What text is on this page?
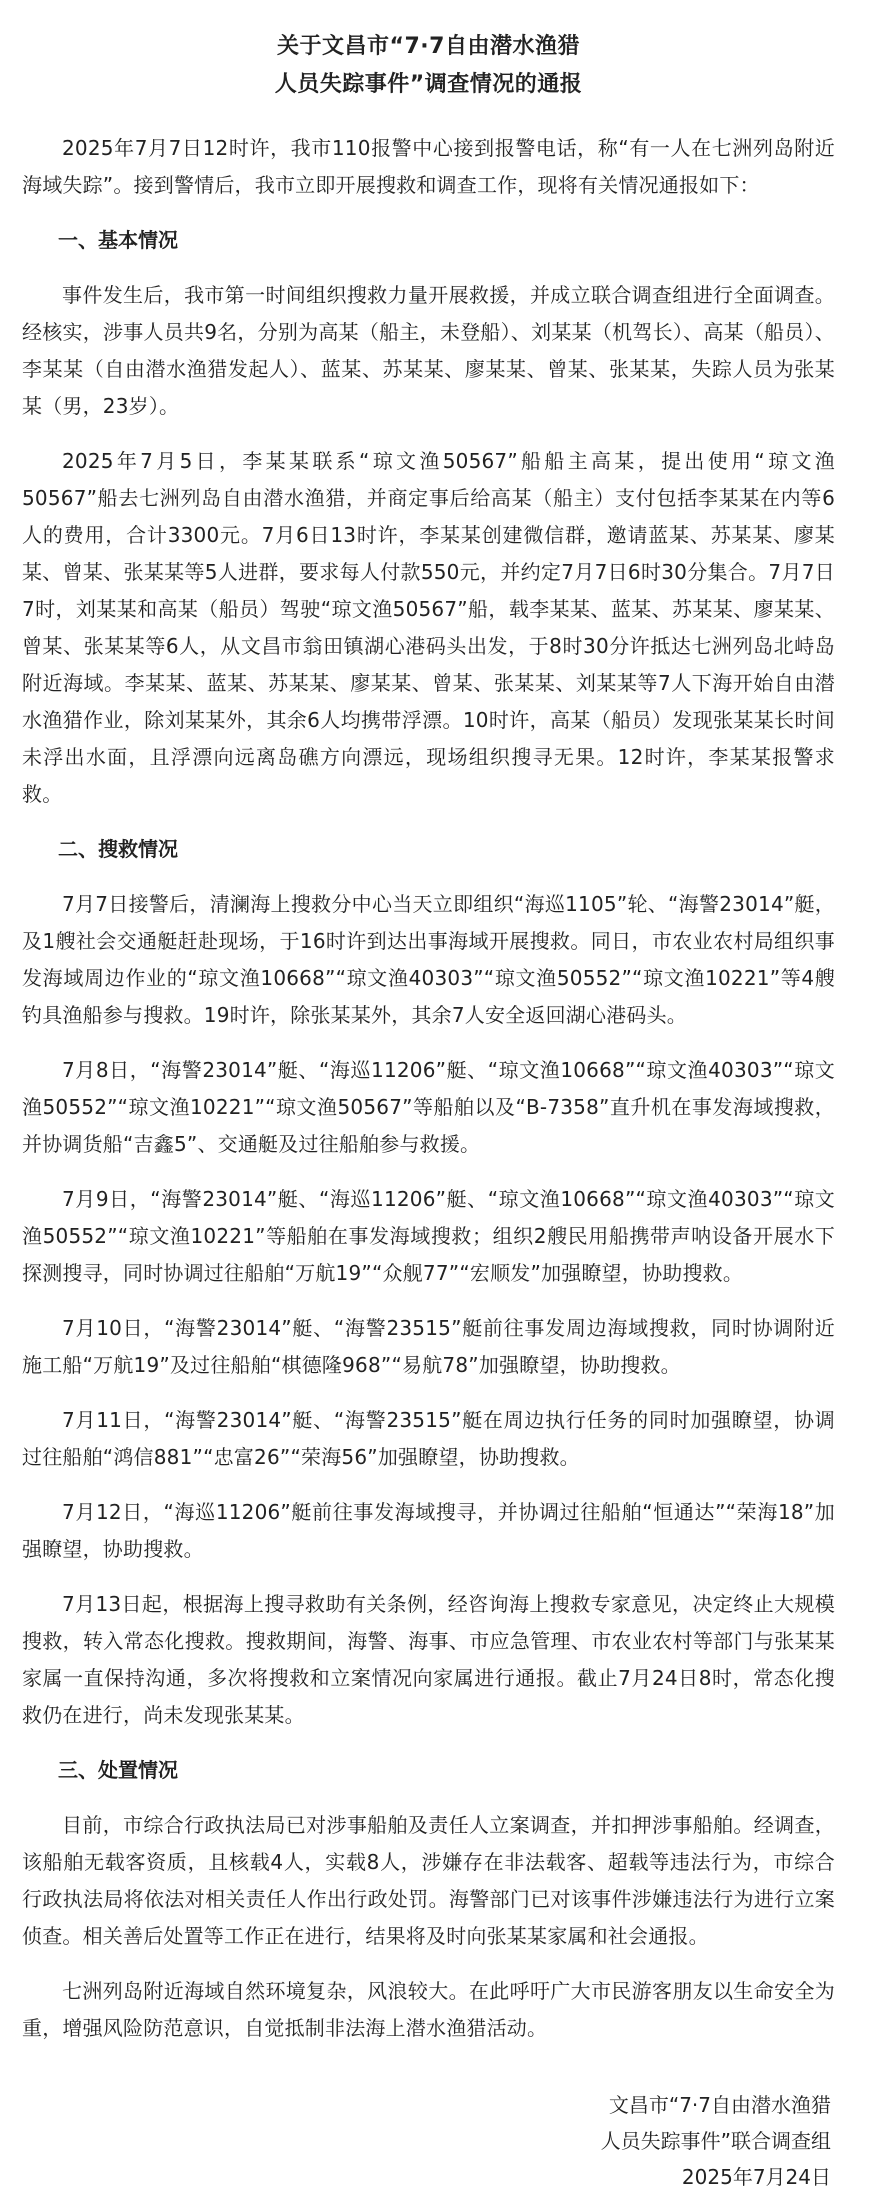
关于文昌市“7·7自由潜水渔猎
人员失踪事件”调查情况的通报

2025年7月7日12时许，我市110报警中心接到报警电话，称“有一人在七洲列岛附近海域失踪”。接到警情后，我市立即开展搜救和调查工作，现将有关情况通报如下：

一、基本情况

事件发生后，我市第一时间组织搜救力量开展救援，并成立联合调查组进行全面调查。经核实，涉事人员共9名，分别为高某（船主，未登船）、刘某某（机驾长）、高某（船员）、李某某（自由潜水渔猎发起人）、蓝某、苏某某、廖某某、曾某、张某某，失踪人员为张某某（男，23岁）。

2025年7月5日，李某某联系“琼文渔50567”船船主高某，提出使用“琼文渔50567”船去七洲列岛自由潜水渔猎，并商定事后给高某（船主）支付包括李某某在内等6人的费用，合计3300元。7月6日13时许，李某某创建微信群，邀请蓝某、苏某某、廖某某、曾某、张某某等5人进群，要求每人付款550元，并约定7月7日6时30分集合。7月7日7时，刘某某和高某（船员）驾驶“琼文渔50567”船，载李某某、蓝某、苏某某、廖某某、曾某、张某某等6人，从文昌市翁田镇湖心港码头出发，于8时30分许抵达七洲列岛北峙岛附近海域。李某某、蓝某、苏某某、廖某某、曾某、张某某、刘某某等7人下海开始自由潜水渔猎作业，除刘某某外，其余6人均携带浮漂。10时许，高某（船员）发现张某某长时间未浮出水面，且浮漂向远离岛礁方向漂远，现场组织搜寻无果。12时许，李某某报警求救。

二、搜救情况

7月7日接警后，清澜海上搜救分中心当天立即组织“海巡1105”轮、“海警23014”艇，及1艘社会交通艇赶赴现场，于16时许到达出事海域开展搜救。同日，市农业农村局组织事发海域周边作业的“琼文渔10668”“琼文渔40303”“琼文渔50552”“琼文渔10221”等4艘钓具渔船参与搜救。19时许，除张某某外，其余7人安全返回湖心港码头。

7月8日，“海警23014”艇、“海巡11206”艇、“琼文渔10668”“琼文渔40303”“琼文渔50552”“琼文渔10221”“琼文渔50567”等船舶以及“B-7358”直升机在事发海域搜救，并协调货船“吉鑫5”、交通艇及过往船舶参与救援。

7月9日，“海警23014”艇、“海巡11206”艇、“琼文渔10668”“琼文渔40303”“琼文渔50552”“琼文渔10221”等船舶在事发海域搜救；组织2艘民用船携带声呐设备开展水下探测搜寻，同时协调过往船舶“万航19”“众舰77”“宏顺发”加强瞭望，协助搜救。

7月10日，“海警23014”艇、“海警23515”艇前往事发周边海域搜救，同时协调附近施工船“万航19”及过往船舶“棋德隆968”“易航78”加强瞭望，协助搜救。

7月11日，“海警23014”艇、“海警23515”艇在周边执行任务的同时加强瞭望，协调过往船舶“鸿信881”“忠富26”“荣海56”加强瞭望，协助搜救。

7月12日，“海巡11206”艇前往事发海域搜寻，并协调过往船舶“恒通达”“荣海18”加强瞭望，协助搜救。

7月13日起，根据海上搜寻救助有关条例，经咨询海上搜救专家意见，决定终止大规模搜救，转入常态化搜救。搜救期间，海警、海事、市应急管理、市农业农村等部门与张某某家属一直保持沟通，多次将搜救和立案情况向家属进行通报。截止7月24日8时，常态化搜救仍在进行，尚未发现张某某。

三、处置情况

目前，市综合行政执法局已对涉事船舶及责任人立案调查，并扣押涉事船舶。经调查，该船舶无载客资质，且核载4人，实载8人，涉嫌存在非法载客、超载等违法行为，市综合行政执法局将依法对相关责任人作出行政处罚。海警部门已对该事件涉嫌违法行为进行立案侦查。相关善后处置等工作正在进行，结果将及时向张某某家属和社会通报。

七洲列岛附近海域自然环境复杂，风浪较大。在此呼吁广大市民游客朋友以生命安全为重，增强风险防范意识，自觉抵制非法海上潜水渔猎活动。

文昌市“7·7自由潜水渔猎
人员失踪事件”联合调查组
2025年7月24日
